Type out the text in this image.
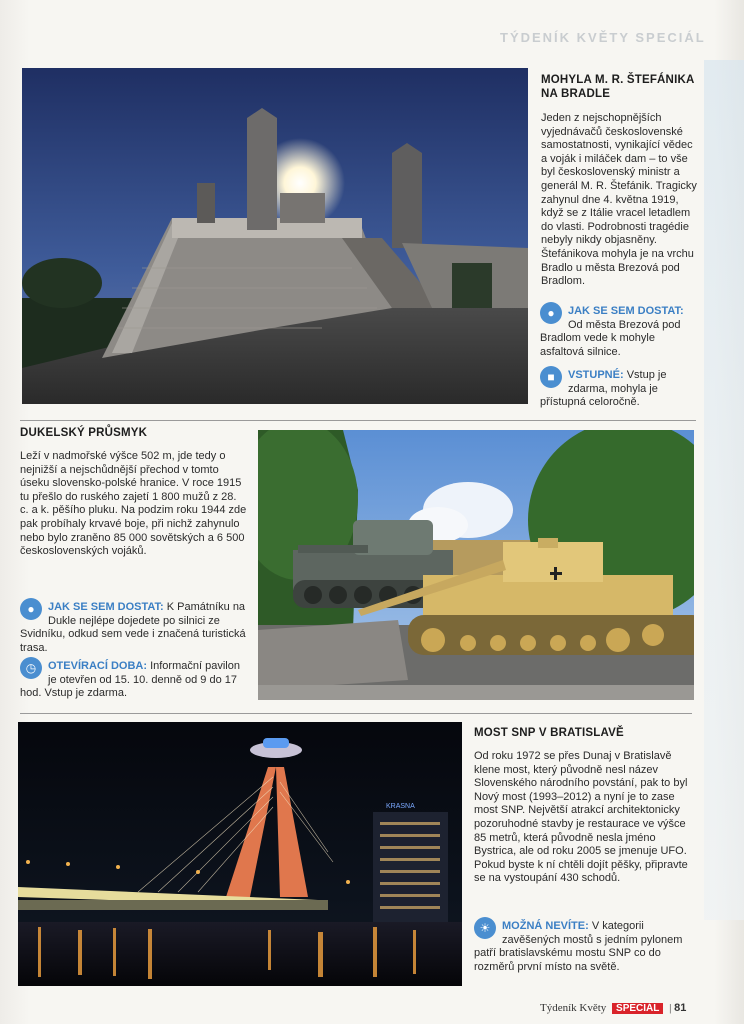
TÝDENÍK KVĚTY SPECIÁL
MOHYLA M. R. ŠTEFÁNIKA NA BRADLE
Jeden z nejschopnějších vyjednávačů československé samostatnosti, vynikající vědec a voják i miláček dam – to vše byl československý ministr a generál M. R. Štefánik. Tragicky zahynul dne 4. května 1919, když se z Itálie vracel letadlem do vlasti. Podrobnosti tragédie nebyly nikdy objasněny. Štefánikova mohyla je na vrchu Bradlo u města Brezová pod Bradlom.
●	JAK SE SEM DOSTAT: Od města Brezová pod Bradlom vede k mohyle asfaltová silnice.
■	VSTUPNÉ: Vstup je zdarma, mohyla je přístupná celoročně.
DUKELSKÝ PRŮSMYK
Leží v nadmořské výšce 502 m, jde tedy o nejnižší a nejschůdnější přechod v tomto úseku slovensko-polské hranice. V roce 1915 tu přešlo do ruského zajetí 1 800 mužů z 28. c. a k. pěšího pluku. Na podzim roku 1944 zde pak probíhaly krvavé boje, při nichž zahynulo nebo bylo zraněno 85 000 sovětských a 6 500 československých vojáků.
●	JAK SE SEM DOSTAT: K Památníku na Dukle nejlépe dojedete po silnici ze Svidníku, odkud sem vede i značená turistická trasa.
◷	OTEVÍRACÍ DOBA: Informační pavilon je otevřen od 15. 10. denně od 9 do 17 hod. Vstup je zdarma.
KRASNA
MOST SNP V BRATISLAVĚ
Od roku 1972 se přes Dunaj v Bratislavě klene most, který původně nesl název Slovenského národního povstání, pak to byl Nový most (1993–2012) a nyní je to zase most SNP. Největší atrakcí architektonicky pozoruhodné stavby je restaurace ve výšce 85 metrů, která původně nesla jméno Bystrica, ale od roku 2005 se jmenuje UFO. Pokud byste k ní chtěli dojít pěšky, připravte se na vystoupání 430 schodů.
☀	MOŽNÁ NEVÍTE: V kategorii zavěšených mostů s jedním pylonem patří bratislavskému mostu SNP co do rozměrů první místo na světě.
Týdeník Květy SPECIÁL | 81
